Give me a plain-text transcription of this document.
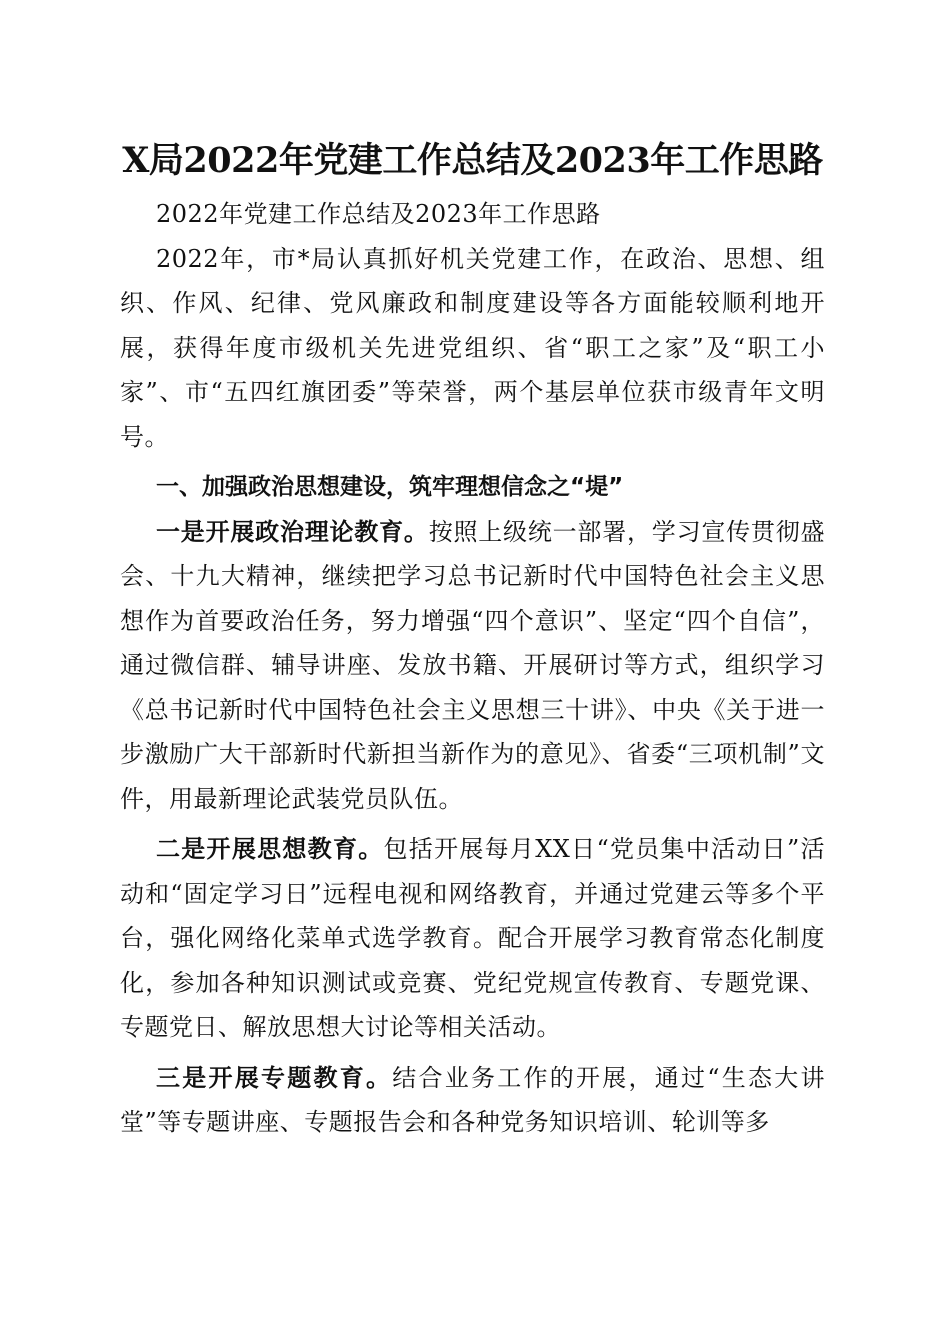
X局2022年党建工作总结及2023年工作思路

2022年党建工作总结及2023年工作思路

2022年，市*局认真抓好机关党建工作，在政治、思想、组织、作风、纪律、党风廉政和制度建设等各方面能较顺利地开展，获得年度市级机关先进党组织、省“职工之家”及“职工小家”、市“五四红旗团委”等荣誉，两个基层单位获市级青年文明号。

一、加强政治思想建设，筑牢理想信念之“堤”

一是开展政治理论教育。按照上级统一部署，学习宣传贯彻盛会、十九大精神，继续把学习总书记新时代中国特色社会主义思想作为首要政治任务，努力增强“四个意识”、坚定“四个自信”，通过微信群、辅导讲座、发放书籍、开展研讨等方式，组织学习《总书记新时代中国特色社会主义思想三十讲》、中央《关于进一步激励广大干部新时代新担当新作为的意见》、省委“三项机制”文件，用最新理论武装党员队伍。

二是开展思想教育。包括开展每月XX日“党员集中活动日”活动和“固定学习日”远程电视和网络教育，并通过党建云等多个平台，强化网络化菜单式选学教育。配合开展学习教育常态化制度化，参加各种知识测试或竞赛、党纪党规宣传教育、专题党课、专题党日、解放思想大讨论等相关活动。

三是开展专题教育。结合业务工作的开展，通过“生态大讲堂”等专题讲座、专题报告会和各种党务知识培训、轮训等多
